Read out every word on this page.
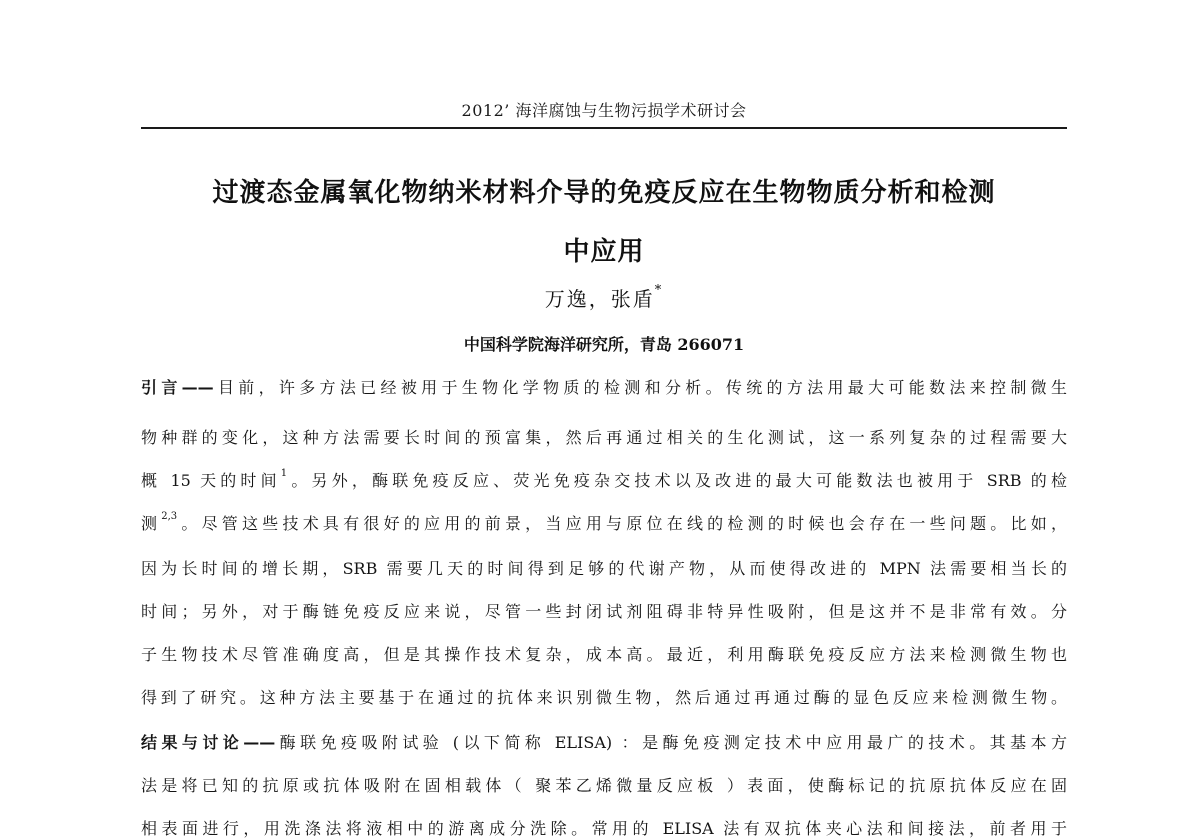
2012’ 海洋腐蚀与生物污损学术研讨会
过渡态金属氧化物纳米材料介导的免疫反应在生物物质分析和检测
中应用
万逸，张盾*
中国科学院海洋研究所，青岛 266071
引言——目前，许多方法已经被用于生物化学物质的检测和分析。传统的方法用最大可能数法来控制微生
物种群的变化，这种方法需要长时间的预富集，然后再通过相关的生化测试，这一系列复杂的过程需要大
概 15 天的时间$^1$。另外，酶联免疫反应、荧光免疫杂交技术以及改进的最大可能数法也被用于 SRB 的检
测$^{2,3}$。尽管这些技术具有很好的应用的前景，当应用与原位在线的检测的时候也会存在一些问题。比如，
因为长时间的增长期，SRB 需要几天的时间得到足够的代谢产物，从而使得改进的 MPN 法需要相当长的
时间；另外，对于酶链免疫反应来说，尽管一些封闭试剂阻碍非特异性吸附，但是这并不是非常有效。分
子生物技术尽管准确度高，但是其操作技术复杂，成本高。最近，利用酶联免疫反应方法来检测微生物也
得到了研究。这种方法主要基于在通过的抗体来识别微生物，然后通过再通过酶的显色反应来检测微生物。
结果与讨论——酶联免疫吸附试验 (以下简称 ELISA) ：是酶免疫测定技术中应用最广的技术。其基本方
法是将已知的抗原或抗体吸附在固相载体（ 聚苯乙烯微量反应板 ）表面，使酶标记的抗原抗体反应在固
相表面进行，用洗涤法将液相中的游离成分洗除。常用的 ELISA 法有双抗体夹心法和间接法，前者用于
